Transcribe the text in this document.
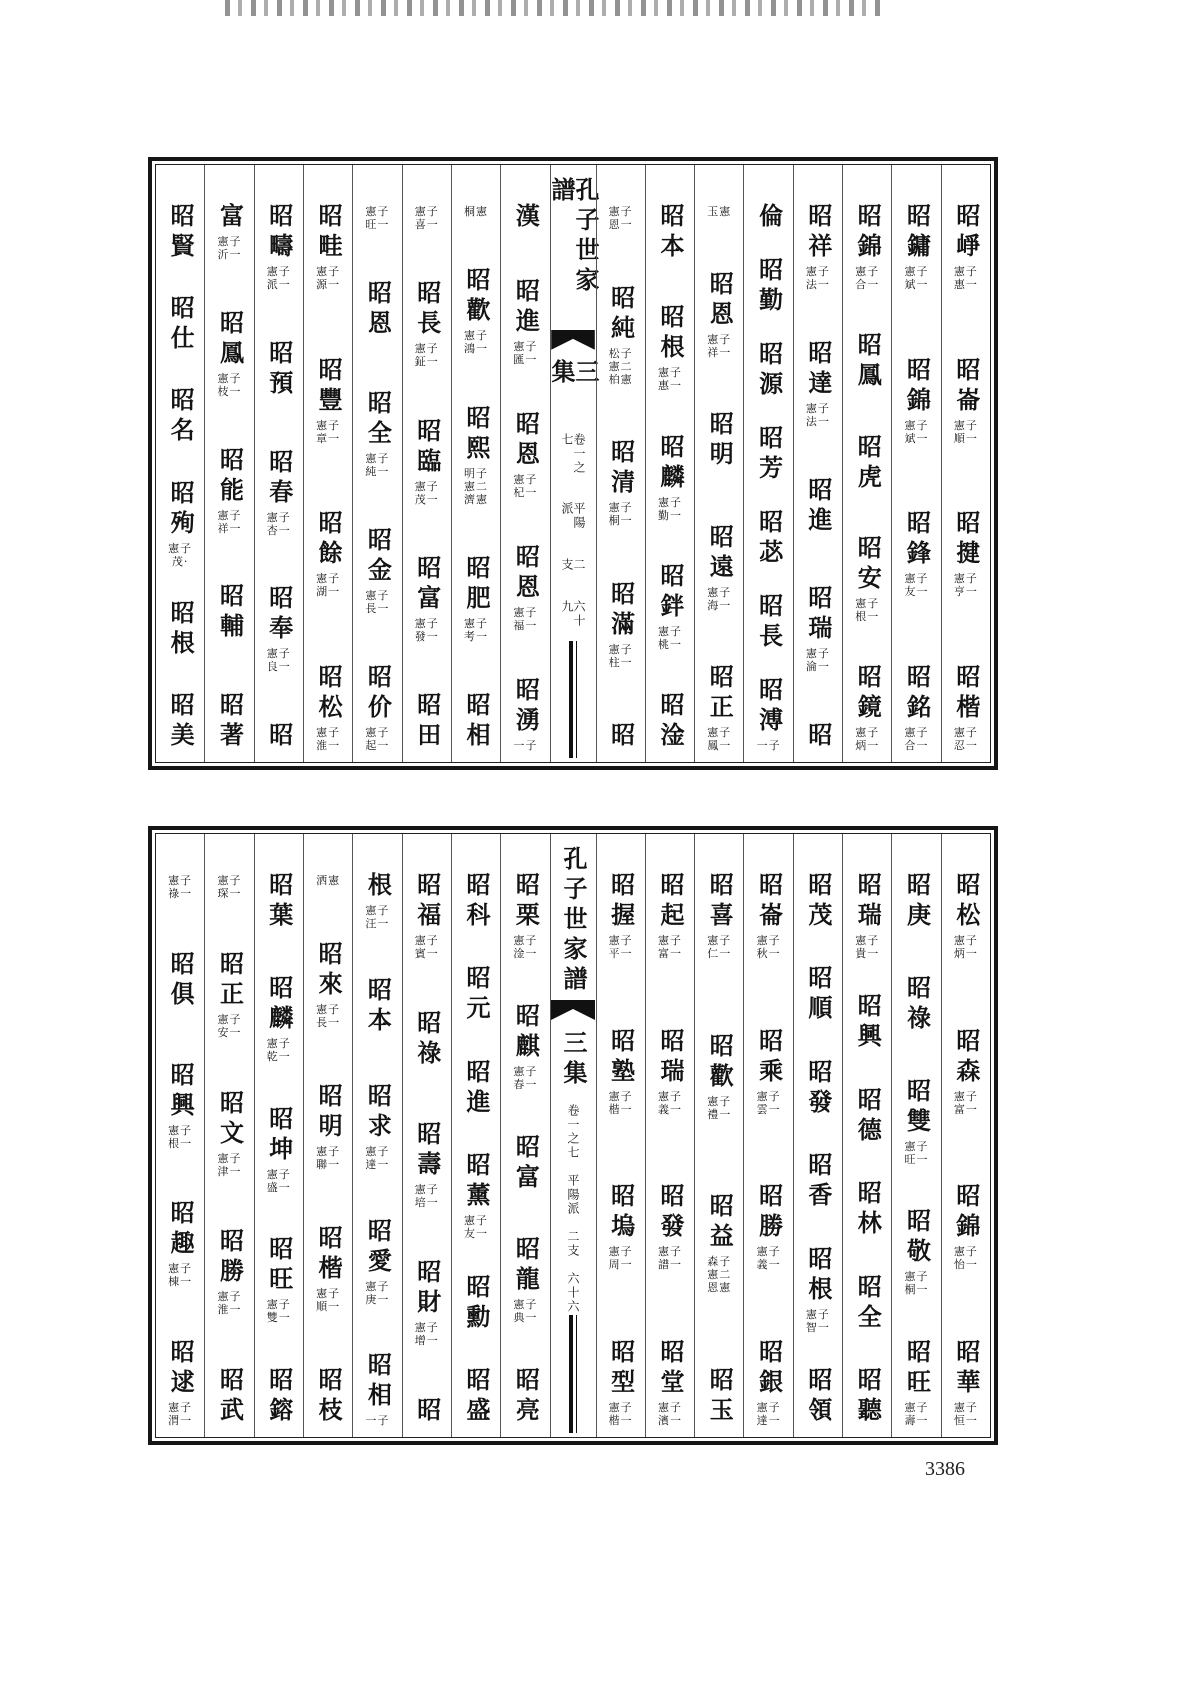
昭崢
憲子
惠一
昭崙
憲子
順一
昭揵
憲子
亨一
昭楷
憲子
忍一
昭鏞
憲子
斌一
昭錦
憲子
斌一
昭鋒
憲子
友一
昭銘
憲子
合一
昭錦
憲子
合一
昭鳳
昭虎
昭安
憲子
根一
昭鏡
憲子
炳一
昭祥
憲子
法一
昭達
憲子
法一
昭進
昭瑞
憲子
淪一
昭
倫
昭勤
昭源
昭芳
昭苾
昭長
昭溥
一子
玉憲
昭恩
憲子
祥一
昭明
昭遠
憲子
海一
昭正
憲子
鳳一
昭本
昭根
憲子
惠一
昭麟
憲子
勤一
昭鉡
憲子
桃一
昭淦
憲子
恩一
昭純
松子
憲二
柏憲
昭清
憲子
桐一
昭滿
憲子
柱一
昭
孔子世家譜
三集
卷一之七
平陽派
二支
六十九
漢
昭進
憲子
匯一
昭恩
憲子
杞一
昭恩
憲子
福一
昭湧
一子
桐憲
昭歡
憲子
鴻一
昭熙
明子
憲二
濟憲
昭肥
憲子
考一
昭相
憲子
喜一
昭長
憲子
鉦一
昭臨
憲子
茂一
昭富
憲子
發一
昭田
憲子
旺一
昭恩
昭全
憲子
純一
昭金
憲子
長一
昭价
憲子
起一
昭畦
憲子
源一
昭豐
憲子
章一
昭餘
憲子
湖一
昭松
憲子
淮一
昭疇
憲子
派一
昭預
昭春
憲子
杏一
昭奉
憲子
良一
昭
富
憲子
沂一
昭鳳
憲子
枝一
昭能
憲子
祥一
昭輔
昭著
昭賢
昭仕
昭名
昭殉
憲子
茂·
昭根
昭美
昭松
憲子
炳一
昭森
憲子
富一
昭錦
憲子
怡一
昭華
憲子
恒一
昭庚
昭祿
昭雙
憲子
旺一
昭敬
憲子
桐一
昭旺
憲子
壽一
昭瑞
憲子
貴一
昭興
昭德
昭林
昭全
昭聽
昭茂
昭順
昭發
昭香
昭根
憲子
智一
昭領
昭崙
憲子
秋一
昭乘
憲子
雲一
昭勝
憲子
義一
昭銀
憲子
達一
昭喜
憲子
仁一
昭歡
憲子
禮一
昭益
森子
憲二
恩憲
昭玉
昭起
憲子
富一
昭瑞
憲子
義一
昭發
憲子
譜一
昭堂
憲子
濱一
昭握
憲子
平一
昭塾
憲子
楷一
昭塢
憲子
周一
昭型
憲子
楷一
孔子世家譜
三集
卷一之七
平陽派
二支
六十六
昭栗
憲子
淦一
昭麒
憲子
春一
昭富
昭龍
憲子
典一
昭亮
昭科
昭元
昭進
昭薰
憲子
友一
昭勳
昭盛
昭福
憲子
賓一
昭祿
昭壽
憲子
培一
昭財
憲子
增一
昭
根
憲子
汪一
昭本
昭求
憲子
達一
昭愛
憲子
庚一
昭相
一子
洒憲
昭來
憲子
長一
昭明
憲子
聯一
昭楷
憲子
順一
昭枝
昭葉
昭麟
憲子
乾一
昭坤
憲子
盛一
昭旺
憲子
雙一
昭鎔
憲子
琛一
昭正
憲子
安一
昭文
憲子
津一
昭勝
憲子
淮一
昭武
憲子
祿一
昭俱
昭興
憲子
根一
昭趣
憲子
棟一
昭逑
憲子
渭一
3386
